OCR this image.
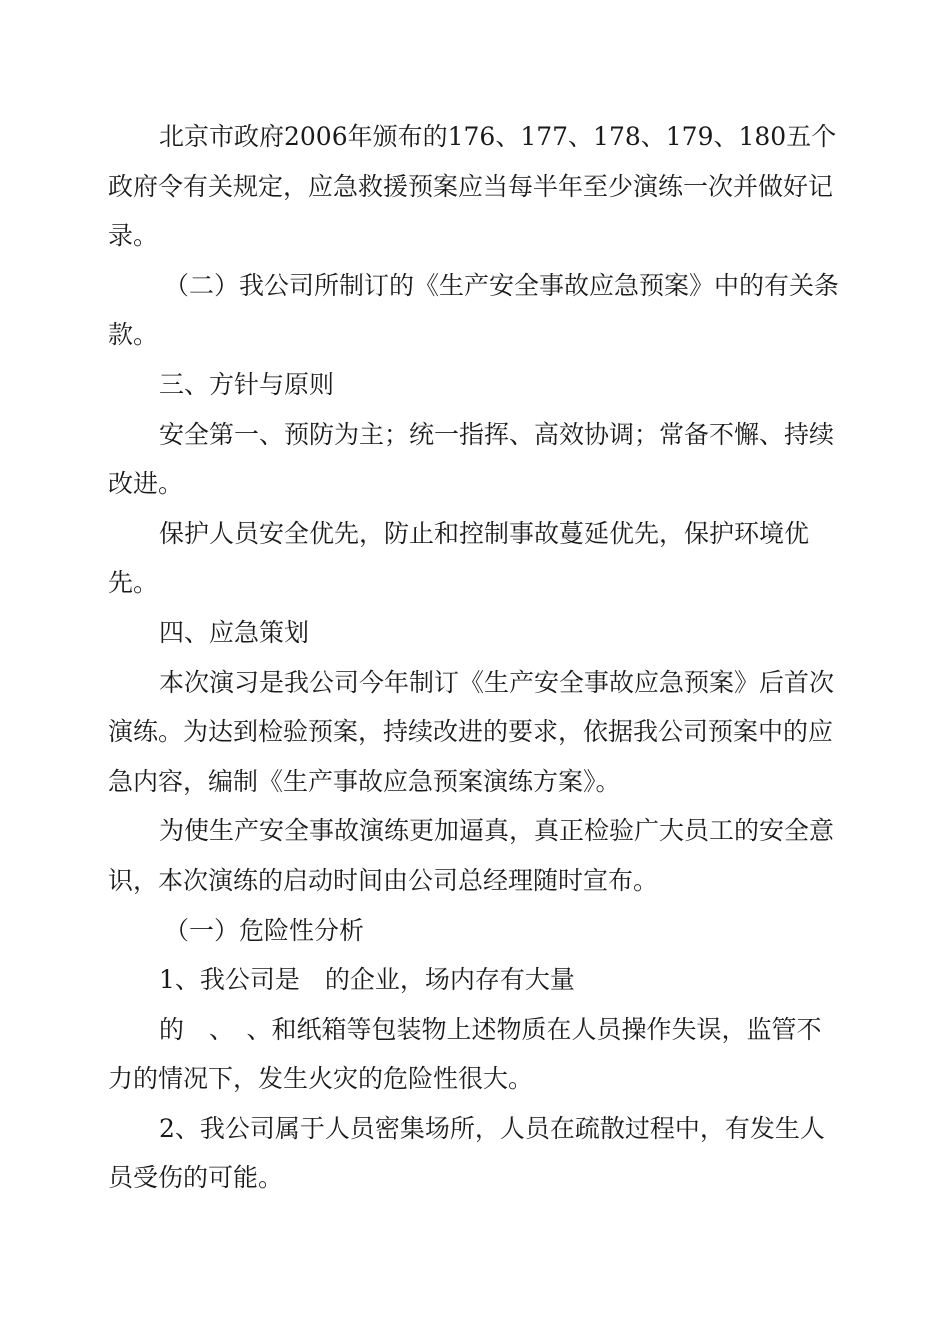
北京市政府2006年颁布的176、177、178、179、180五个政府令有关规定，应急救援预案应当每半年至少演练一次并做好记录。

（二）我公司所制订的《生产安全事故应急预案》中的有关条款。

三、方针与原则

安全第一、预防为主；统一指挥、高效协调；常备不懈、持续改进。

保护人员安全优先，防止和控制事故蔓延优先，保护环境优先。

四、应急策划

本次演习是我公司今年制订《生产安全事故应急预案》后首次演练。为达到检验预案，持续改进的要求，依据我公司预案中的应急内容，编制《生产事故应急预案演练方案》。

为使生产安全事故演练更加逼真，真正检验广大员工的安全意识，本次演练的启动时间由公司总经理随时宣布。

（一）危险性分析

1、我公司是　的企业，场内存有大量

的　、　、和纸箱等包装物上述物质在人员操作失误，监管不力的情况下，发生火灾的危险性很大。

2、我公司属于人员密集场所，人员在疏散过程中，有发生人员受伤的可能。
